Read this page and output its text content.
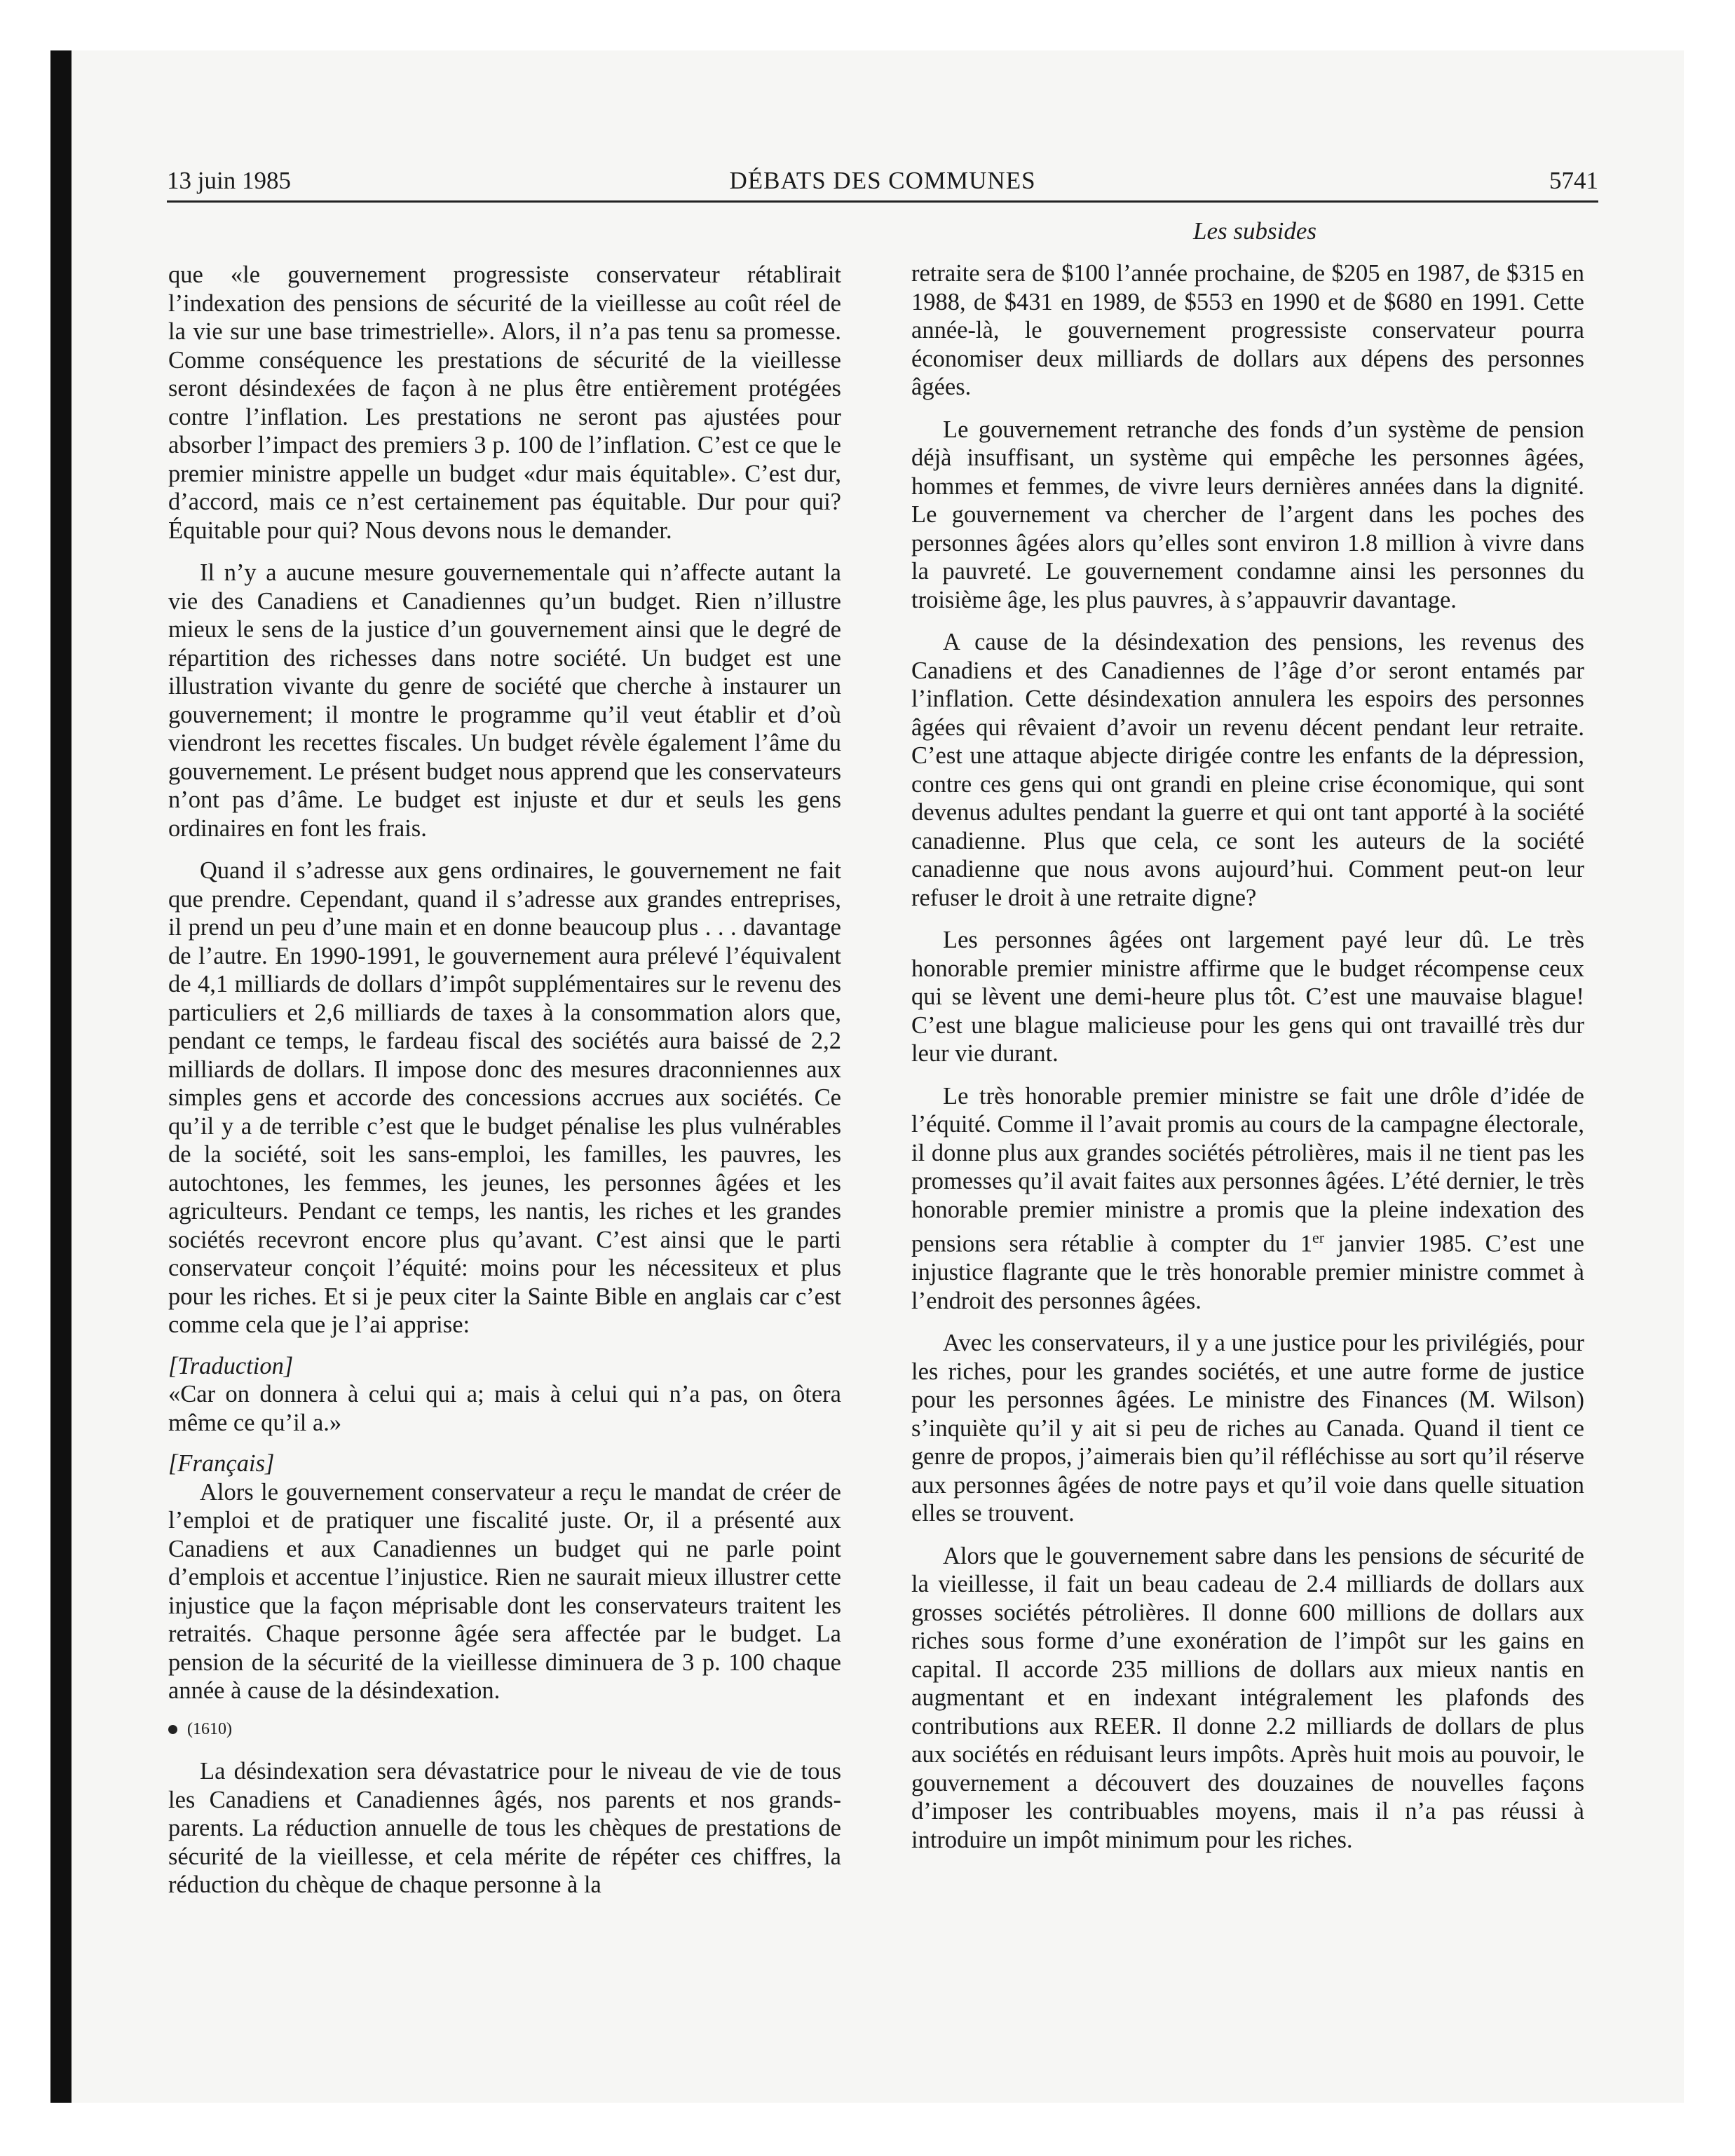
13 juin 1985	DÉBATS DES COMMUNES	5741
Les subsides

que «le gouvernement progressiste conservateur rétablirait l’indexation des pensions de sécurité de la vieillesse au coût réel de la vie sur une base trimestrielle». Alors, il n’a pas tenu sa promesse. Comme conséquence les prestations de sécurité de la vieillesse seront désindexées de façon à ne plus être entièrement protégées contre l’inflation. Les prestations ne seront pas ajustées pour absorber l’impact des premiers 3 p. 100 de l’inflation. C’est ce que le premier ministre appelle un budget «dur mais équitable». C’est dur, d’accord, mais ce n’est certainement pas équitable. Dur pour qui? Équitable pour qui? Nous devons nous le demander.

Il n’y a aucune mesure gouvernementale qui n’affecte autant la vie des Canadiens et Canadiennes qu’un budget. Rien n’illustre mieux le sens de la justice d’un gouvernement ainsi que le degré de répartition des richesses dans notre société. Un budget est une illustration vivante du genre de société que cherche à instaurer un gouvernement; il montre le programme qu’il veut établir et d’où viendront les recettes fiscales. Un budget révèle également l’âme du gouvernement. Le présent budget nous apprend que les conservateurs n’ont pas d’âme. Le budget est injuste et dur et seuls les gens ordinaires en font les frais.

Quand il s’adresse aux gens ordinaires, le gouvernement ne fait que prendre. Cependant, quand il s’adresse aux grandes entreprises, il prend un peu d’une main et en donne beaucoup plus . . . davantage de l’autre. En 1990-1991, le gouvernement aura prélevé l’équivalent de 4,1 milliards de dollars d’impôt supplémentaires sur le revenu des particuliers et 2,6 milliards de taxes à la consommation alors que, pendant ce temps, le fardeau fiscal des sociétés aura baissé de 2,2 milliards de dollars. Il impose donc des mesures draconniennes aux simples gens et accorde des concessions accrues aux sociétés. Ce qu’il y a de terrible c’est que le budget pénalise les plus vulnérables de la société, soit les sans-emploi, les familles, les pauvres, les autochtones, les femmes, les jeunes, les personnes âgées et les agriculteurs. Pendant ce temps, les nantis, les riches et les grandes sociétés recevront encore plus qu’avant. C’est ainsi que le parti conservateur conçoit l’équité: moins pour les nécessiteux et plus pour les riches. Et si je peux citer la Sainte Bible en anglais car c’est comme cela que je l’ai apprise:

[Traduction]

«Car on donnera à celui qui a; mais à celui qui n’a pas, on ôtera même ce qu’il a.»

[Français]

Alors le gouvernement conservateur a reçu le mandat de créer de l’emploi et de pratiquer une fiscalité juste. Or, il a présenté aux Canadiens et aux Canadiennes un budget qui ne parle point d’emplois et accentue l’injustice. Rien ne saurait mieux illustrer cette injustice que la façon méprisable dont les conservateurs traitent les retraités. Chaque personne âgée sera affectée par le budget. La pension de la sécurité de la vieillesse diminuera de 3 p. 100 chaque année à cause de la désindexation.

(1610)

La désindexation sera dévastatrice pour le niveau de vie de tous les Canadiens et Canadiennes âgés, nos parents et nos grands-parents. La réduction annuelle de tous les chèques de prestations de sécurité de la vieillesse, et cela mérite de répéter ces chiffres, la réduction du chèque de chaque personne à la

retraite sera de $100 l’année prochaine, de $205 en 1987, de $315 en 1988, de $431 en 1989, de $553 en 1990 et de $680 en 1991. Cette année-là, le gouvernement progressiste conservateur pourra économiser deux milliards de dollars aux dépens des personnes âgées.

Le gouvernement retranche des fonds d’un système de pension déjà insuffisant, un système qui empêche les personnes âgées, hommes et femmes, de vivre leurs dernières années dans la dignité. Le gouvernement va chercher de l’argent dans les poches des personnes âgées alors qu’elles sont environ 1.8 million à vivre dans la pauvreté. Le gouvernement condamne ainsi les personnes du troisième âge, les plus pauvres, à s’appauvrir davantage.

A cause de la désindexation des pensions, les revenus des Canadiens et des Canadiennes de l’âge d’or seront entamés par l’inflation. Cette désindexation annulera les espoirs des personnes âgées qui rêvaient d’avoir un revenu décent pendant leur retraite. C’est une attaque abjecte dirigée contre les enfants de la dépression, contre ces gens qui ont grandi en pleine crise économique, qui sont devenus adultes pendant la guerre et qui ont tant apporté à la société canadienne. Plus que cela, ce sont les auteurs de la société canadienne que nous avons aujourd’hui. Comment peut-on leur refuser le droit à une retraite digne?

Les personnes âgées ont largement payé leur dû. Le très honorable premier ministre affirme que le budget récompense ceux qui se lèvent une demi-heure plus tôt. C’est une mauvaise blague! C’est une blague malicieuse pour les gens qui ont travaillé très dur leur vie durant.

Le très honorable premier ministre se fait une drôle d’idée de l’équité. Comme il l’avait promis au cours de la campagne électorale, il donne plus aux grandes sociétés pétrolières, mais il ne tient pas les promesses qu’il avait faites aux personnes âgées. L’été dernier, le très honorable premier ministre a promis que la pleine indexation des pensions sera rétablie à compter du 1er janvier 1985. C’est une injustice flagrante que le très honorable premier ministre commet à l’endroit des personnes âgées.

Avec les conservateurs, il y a une justice pour les privilégiés, pour les riches, pour les grandes sociétés, et une autre forme de justice pour les personnes âgées. Le ministre des Finances (M. Wilson) s’inquiète qu’il y ait si peu de riches au Canada. Quand il tient ce genre de propos, j’aimerais bien qu’il réfléchisse au sort qu’il réserve aux personnes âgées de notre pays et qu’il voie dans quelle situation elles se trouvent.

Alors que le gouvernement sabre dans les pensions de sécurité de la vieillesse, il fait un beau cadeau de 2.4 milliards de dollars aux grosses sociétés pétrolières. Il donne 600 millions de dollars aux riches sous forme d’une exonération de l’impôt sur les gains en capital. Il accorde 235 millions de dollars aux mieux nantis en augmentant et en indexant intégralement les plafonds des contributions aux REER. Il donne 2.2 milliards de dollars de plus aux sociétés en réduisant leurs impôts. Après huit mois au pouvoir, le gouvernement a découvert des douzaines de nouvelles façons d’imposer les contribuables moyens, mais il n’a pas réussi à introduire un impôt minimum pour les riches.
